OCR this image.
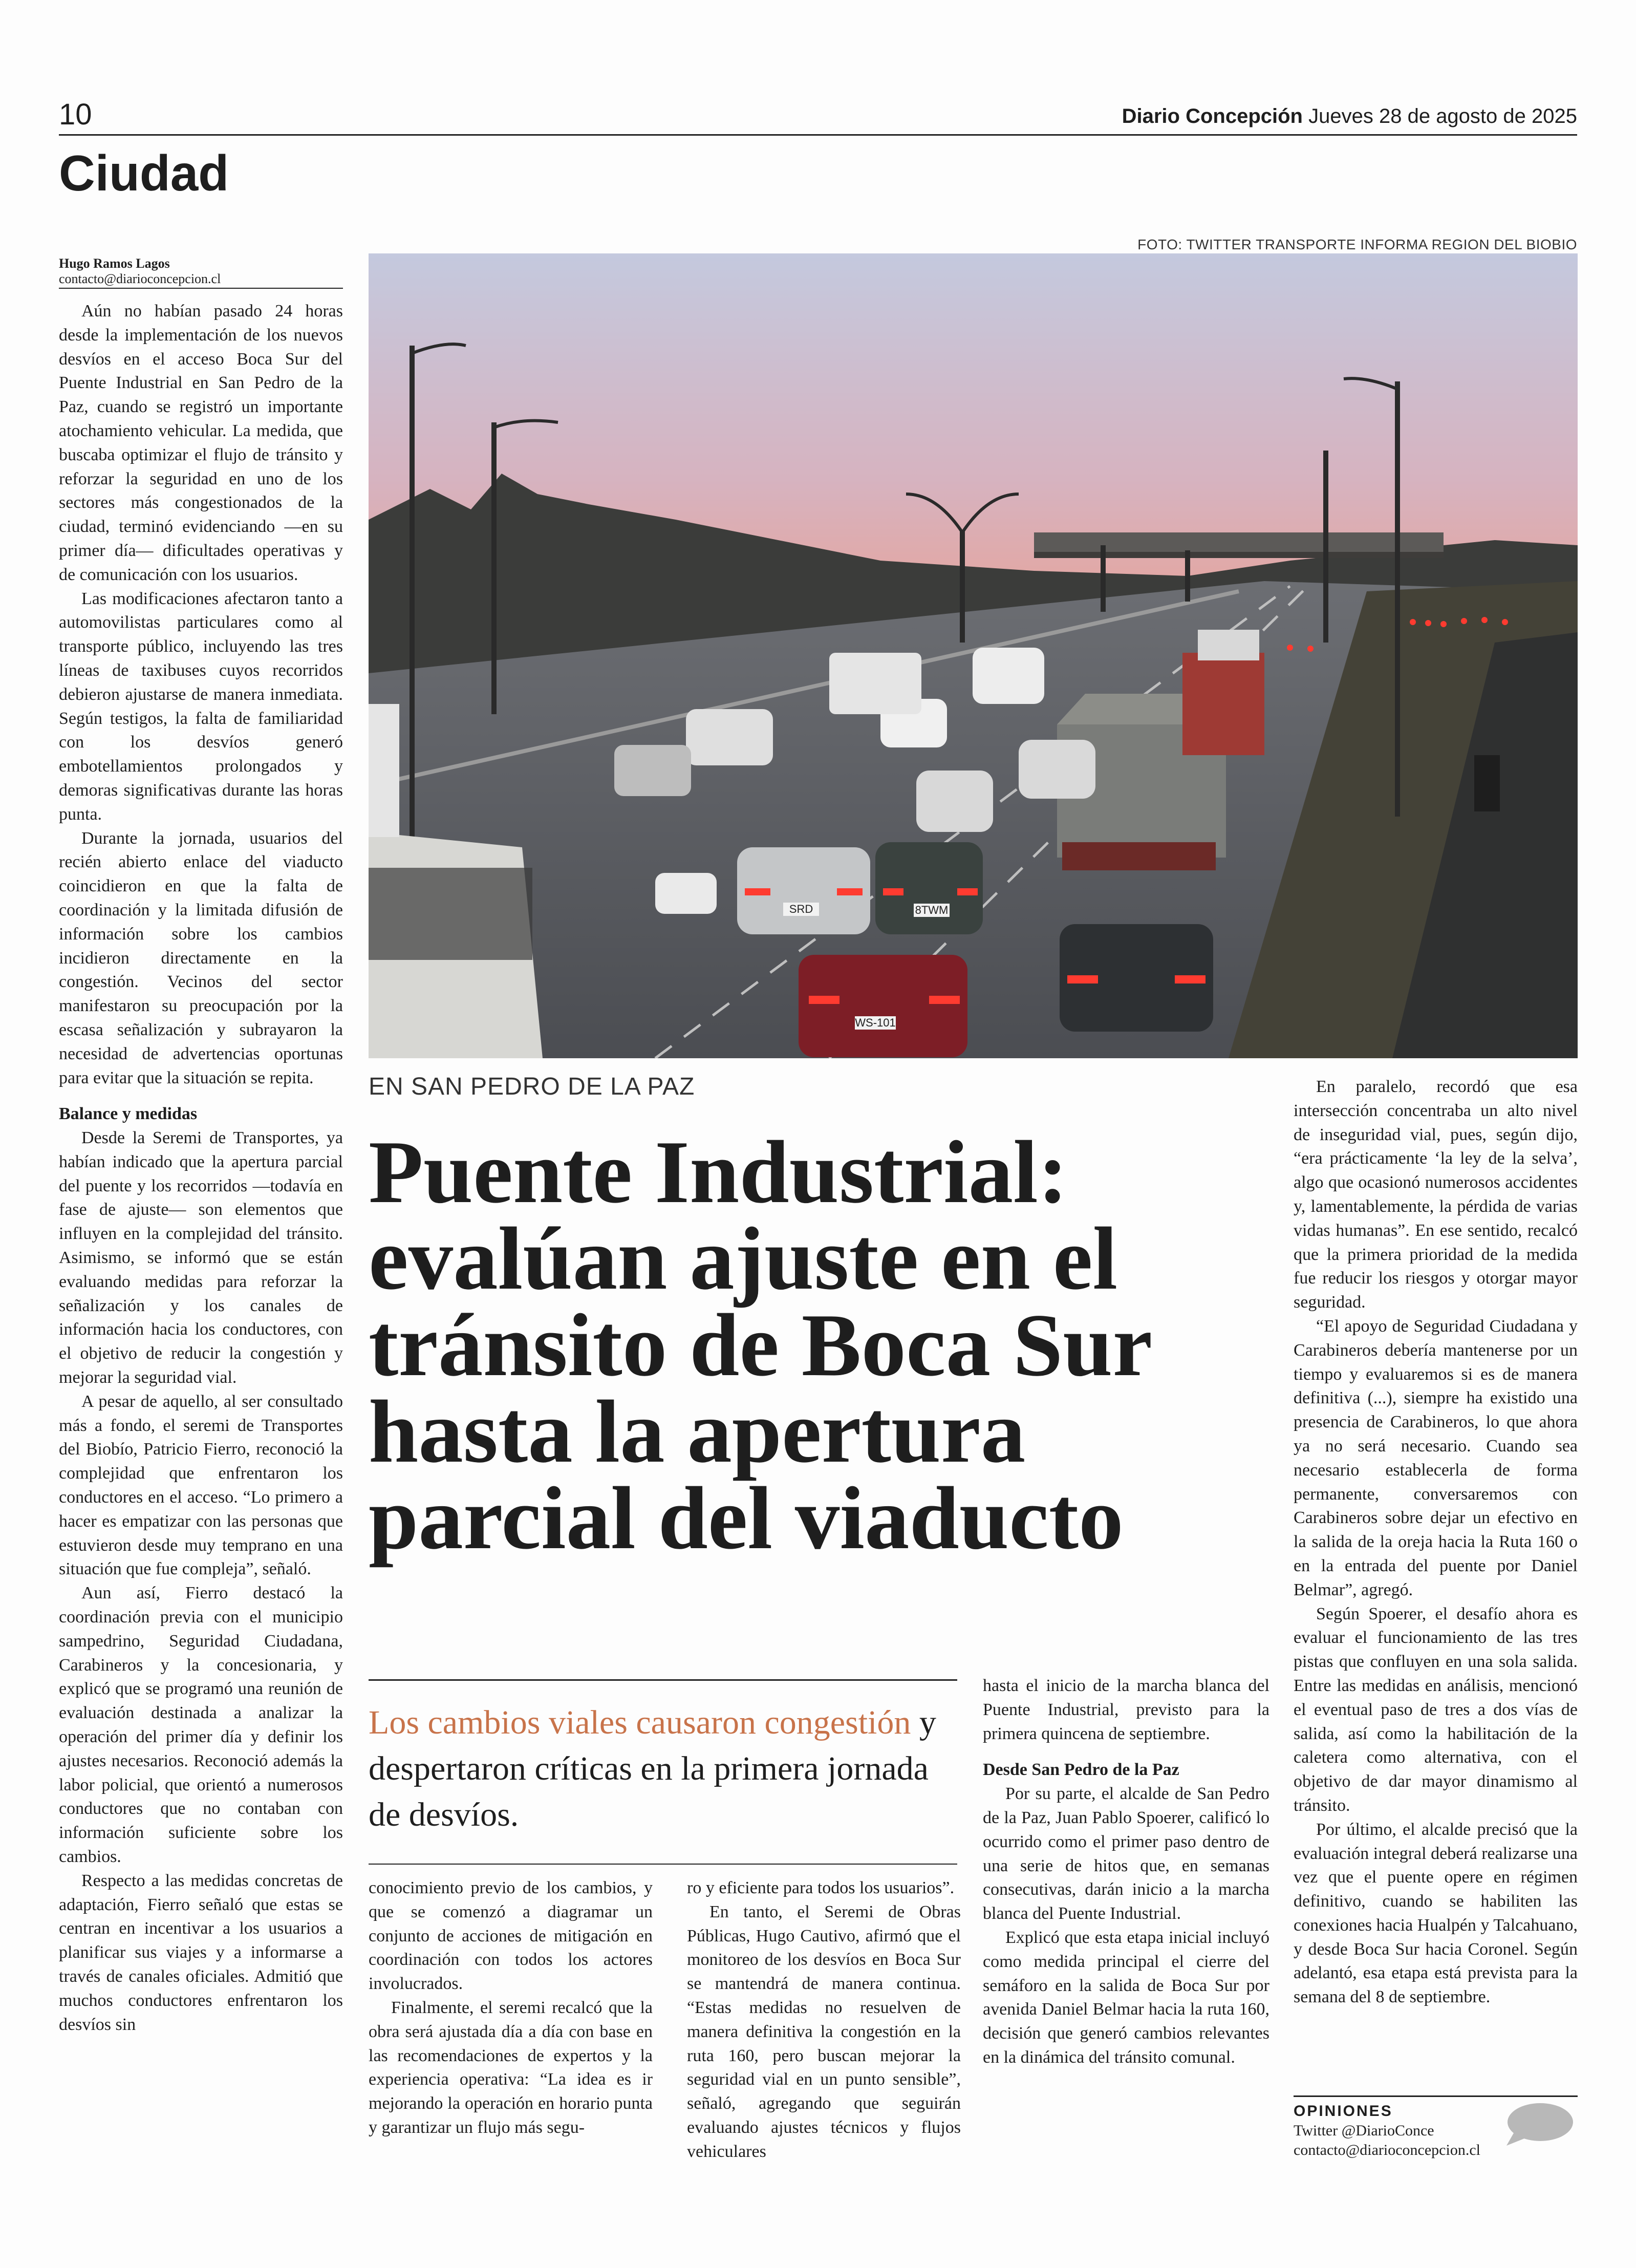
10	Diario Concepción Jueves 28 de agosto de 2025
Ciudad
Hugo Ramos Lagos
contacto@diarioconcepcion.cl

Aún no habían pasado 24 horas desde la implementación de los nuevos desvíos en el acceso Boca Sur del Puente Industrial en San Pedro de la Paz, cuando se registró un importante atochamiento vehicular. La medida, que buscaba optimizar el flujo de tránsito y reforzar la seguridad en uno de los sectores más congestionados de la ciudad, terminó evidenciando —en su primer día— dificultades operativas y de comunicación con los usuarios.

Las modificaciones afectaron tanto a automovilistas particulares como al transporte público, incluyendo las tres líneas de taxibuses cuyos recorridos debieron ajustarse de manera inmediata. Según testigos, la falta de familiaridad con los desvíos generó embotellamientos prolongados y demoras significativas durante las horas punta.

Durante la jornada, usuarios del recién abierto enlace del viaducto coincidieron en que la falta de coordinación y la limitada difusión de información sobre los cambios incidieron directamente en la congestión. Vecinos del sector manifestaron su preocupación por la escasa señalización y subrayaron la necesidad de advertencias oportunas para evitar que la situación se repita.

Balance y medidas

Desde la Seremi de Transportes, ya habían indicado que la apertura parcial del puente y los recorridos —todavía en fase de ajuste— son elementos que influyen en la complejidad del tránsito. Asimismo, se informó que se están evaluando medidas para reforzar la señalización y los canales de información hacia los conductores, con el objetivo de reducir la congestión y mejorar la seguridad vial.

A pesar de aquello, al ser consultado más a fondo, el seremi de Transportes del Biobío, Patricio Fierro, reconoció la complejidad que enfrentaron los conductores en el acceso. “Lo primero a hacer es empatizar con las personas que estuvieron desde muy temprano en una situación que fue compleja”, señaló.

Aun así, Fierro destacó la coordinación previa con el municipio sampedrino, Seguridad Ciudadana, Carabineros y la concesionaria, y explicó que se programó una reunión de evaluación destinada a analizar la operación del primer día y definir los ajustes necesarios. Reconoció además la labor policial, que orientó a numerosos conductores que no contaban con información suficiente sobre los cambios.

Respecto a las medidas concretas de adaptación, Fierro señaló que estas se centran en incentivar a los usuarios a planificar sus viajes y a informarse a través de canales oficiales. Admitió que muchos conductores enfrentaron los desvíos sin

FOTO: TWITTER TRANSPORTE INFORMA REGION DEL BIOBIO
SRD	8TWM
WS-101
EN SAN PEDRO DE LA PAZ
Puente Industrial:
evalúan ajuste en el tránsito de Boca Sur hasta la apertura parcial del viaducto
Los cambios viales causaron congestión y despertaron críticas en la primera jornada de desvíos.

conocimiento previo de los cambios, y que se comenzó a diagramar un conjunto de acciones de mitigación en coordinación con todos los actores involucrados.

Finalmente, el seremi recalcó que la obra será ajustada día a día con base en las recomendaciones de expertos y la experiencia operativa: “La idea es ir mejorando la operación en horario punta y garantizar un flujo más segu-

ro y eficiente para todos los usuarios”.

En tanto, el Seremi de Obras Públicas, Hugo Cautivo, afirmó que el monitoreo de los desvíos en Boca Sur se mantendrá de manera continua. “Estas medidas no resuelven de manera definitiva la congestión en la ruta 160, pero buscan mejorar la seguridad vial en un punto sensible”, señaló, agregando que seguirán evaluando ajustes técnicos y flujos vehiculares

hasta el inicio de la marcha blanca del Puente Industrial, previsto para la primera quincena de septiembre.

Desde San Pedro de la Paz

Por su parte, el alcalde de San Pedro de la Paz, Juan Pablo Spoerer, calificó lo ocurrido como el primer paso dentro de una serie de hitos que, en semanas consecutivas, darán inicio a la marcha blanca del Puente Industrial.

Explicó que esta etapa inicial incluyó como medida principal el cierre del semáforo en la salida de Boca Sur por avenida Daniel Belmar hacia la ruta 160, decisión que generó cambios relevantes en la dinámica del tránsito comunal.

En paralelo, recordó que esa intersección concentraba un alto nivel de inseguridad vial, pues, según dijo, “era prácticamente ‘la ley de la selva’, algo que ocasionó numerosos accidentes y, lamentablemente, la pérdida de varias vidas humanas”. En ese sentido, recalcó que la primera prioridad de la medida fue reducir los riesgos y otorgar mayor seguridad.

“El apoyo de Seguridad Ciudadana y Carabineros debería mantenerse por un tiempo y evaluaremos si es de manera definitiva (...), siempre ha existido una presencia de Carabineros, lo que ahora ya no será necesario. Cuando sea necesario establecerla de forma permanente, conversaremos con Carabineros sobre dejar un efectivo en la salida de la oreja hacia la Ruta 160 o en la entrada del puente por Daniel Belmar”, agregó.

Según Spoerer, el desafío ahora es evaluar el funcionamiento de las tres pistas que confluyen en una sola salida. Entre las medidas en análisis, mencionó el eventual paso de tres a dos vías de salida, así como la habilitación de la caletera como alternativa, con el objetivo de dar mayor dinamismo al tránsito.

Por último, el alcalde precisó que la evaluación integral deberá realizarse una vez que el puente opere en régimen definitivo, cuando se habiliten las conexiones hacia Hualpén y Talcahuano, y desde Boca Sur hacia Coronel. Según adelantó, esa etapa está prevista para la semana del 8 de septiembre.

OPINIONES
Twitter @DiarioConce
contacto@diarioconcepcion.cl
